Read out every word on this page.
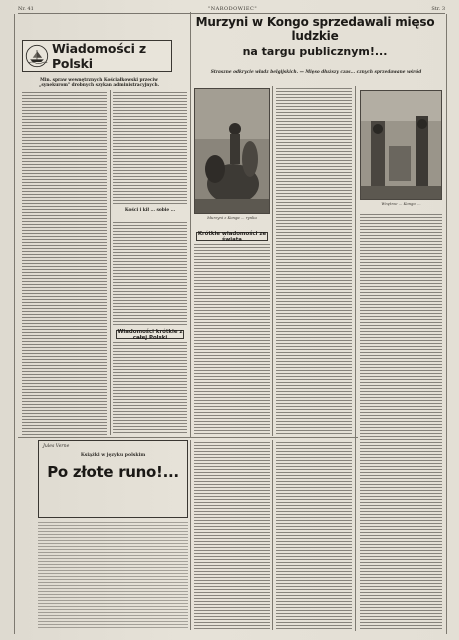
Nr. 41	"NARODOWIEC"	Str. 3
Wiadomości z Polski
Murzyni w Kongo sprzedawali mięso ludzkie
na targu publicznym!...
Straszne odkrycie władz belgijskich. — Mięso dłuższy czas... cznych sprzedawane wśród
Min. spraw wewnętrznych Kościałkowski przeciw „synekurom" drobnych szykan administracyjnych.
Kości i kił ... sobie ...
Wiadomości krótkie z całej Polski
Murzyni z Konga ... rynku
Krótkie wiadomości ze świata
Wnętrze ... Kongo ...
Jules Verne
Książki w języku polskim
Po złote runo!...
